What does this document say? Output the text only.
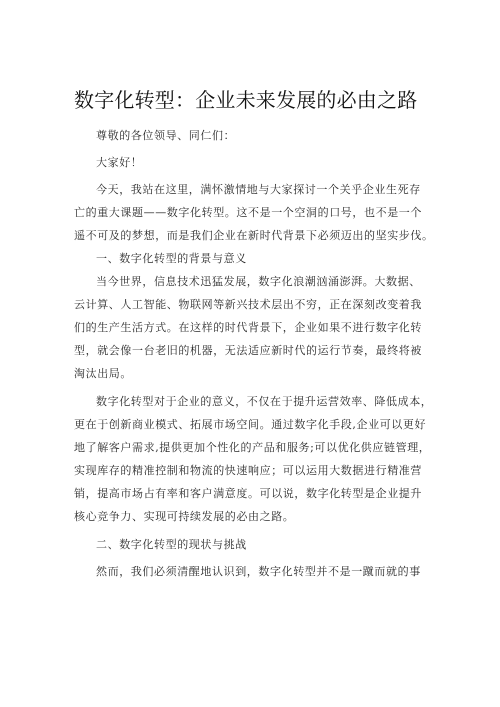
数字化转型：企业未来发展的必由之路
尊敬的各位领导、同仁们：
大家好！
今天，我站在这里，满怀激情地与大家探讨一个关乎企业生死存
亡的重大课题——数字化转型。这不是一个空洞的口号，也不是一个
遥不可及的梦想，而是我们企业在新时代背景下必须迈出的坚实步伐。
一、数字化转型的背景与意义
当今世界，信息技术迅猛发展，数字化浪潮汹涌澎湃。大数据、
云计算、人工智能、物联网等新兴技术层出不穷，正在深刻改变着我
们的生产生活方式。在这样的时代背景下，企业如果不进行数字化转
型，就会像一台老旧的机器，无法适应新时代的运行节奏，最终将被
淘汰出局。
数字化转型对于企业的意义，不仅在于提升运营效率、降低成本，
更在于创新商业模式、拓展市场空间。通过数字化手段,企业可以更好
地了解客户需求,提供更加个性化的产品和服务;可以优化供应链管理，
实现库存的精准控制和物流的快速响应；可以运用大数据进行精准营
销，提高市场占有率和客户满意度。可以说，数字化转型是企业提升
核心竞争力、实现可持续发展的必由之路。
二、数字化转型的现状与挑战
然而，我们必须清醒地认识到，数字化转型并不是一蹴而就的事
